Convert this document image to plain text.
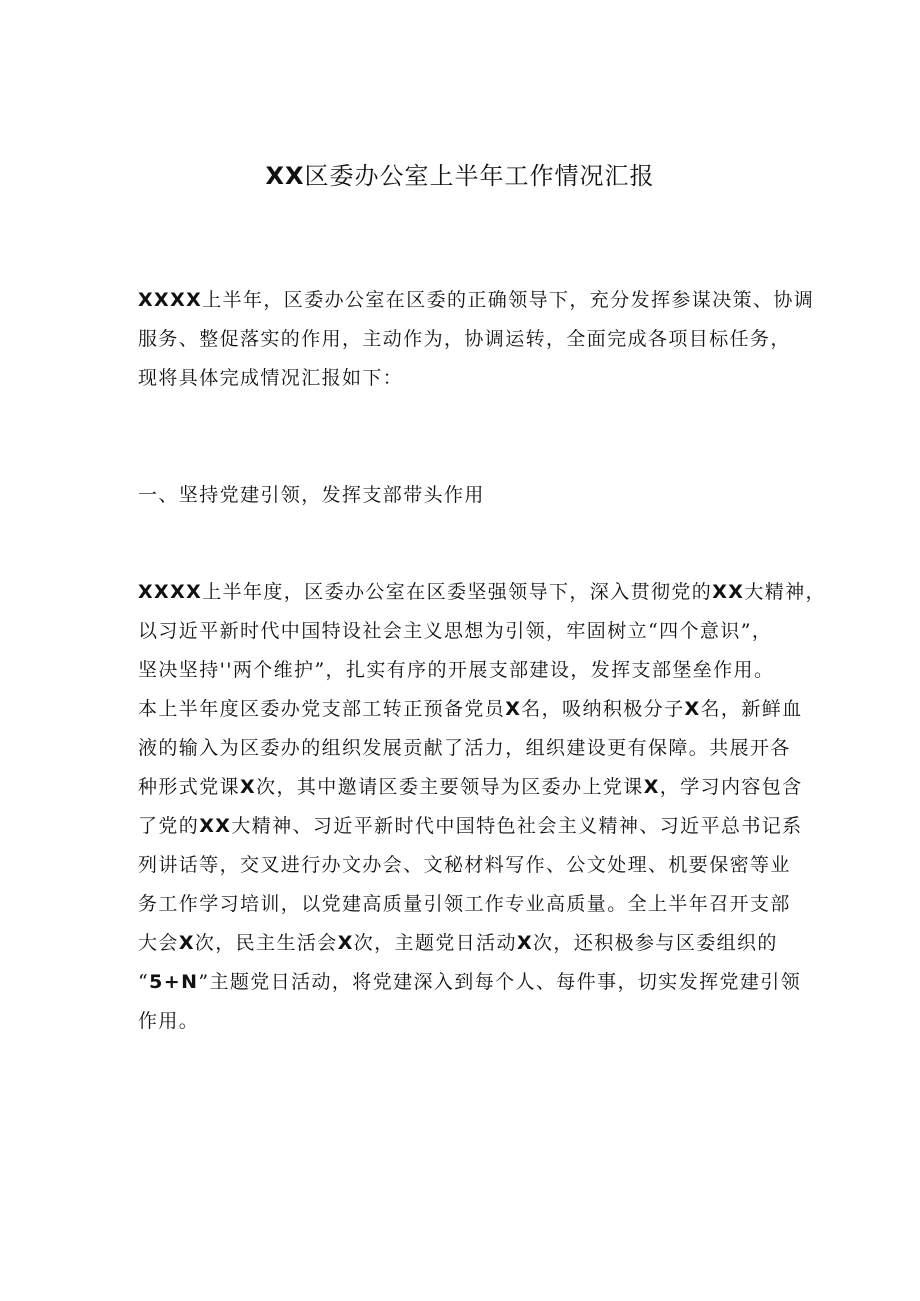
XX区委办公室上半年工作情况汇报

XXXX上半年，区委办公室在区委的正确领导下，充分发挥参谋决策、协调
服务、整促落实的作用，主动作为，协调运转，全面完成各项目标任务，
现将具体完成情况汇报如下：

一、坚持党建引领，发挥支部带头作用

XXXX上半年度，区委办公室在区委坚强领导下，深入贯彻党的XX大精神，
以习近平新时代中国特设社会主义思想为引领，牢固树立“四个意识”，
坚决坚持''两个维护”，扎实有序的开展支部建设，发挥支部堡垒作用。
本上半年度区委办党支部工转正预备党员X名，吸纳积极分子X名，新鲜血
液的输入为区委办的组织发展贡献了活力，组织建设更有保障。共展开各
种形式党课X次，其中邀请区委主要领导为区委办上党课X，学习内容包含
了党的XX大精神、习近平新时代中国特色社会主义精神、习近平总书记系
列讲话等，交叉进行办文办会、文秘材料写作、公文处理、机要保密等业
务工作学习培训，以党建高质量引领工作专业高质量。全上半年召开支部
大会X次，民主生活会X次，主题党日活动X次，还积极参与区委组织的
“5+N”主题党日活动，将党建深入到每个人、每件事，切实发挥党建引领
作用。
